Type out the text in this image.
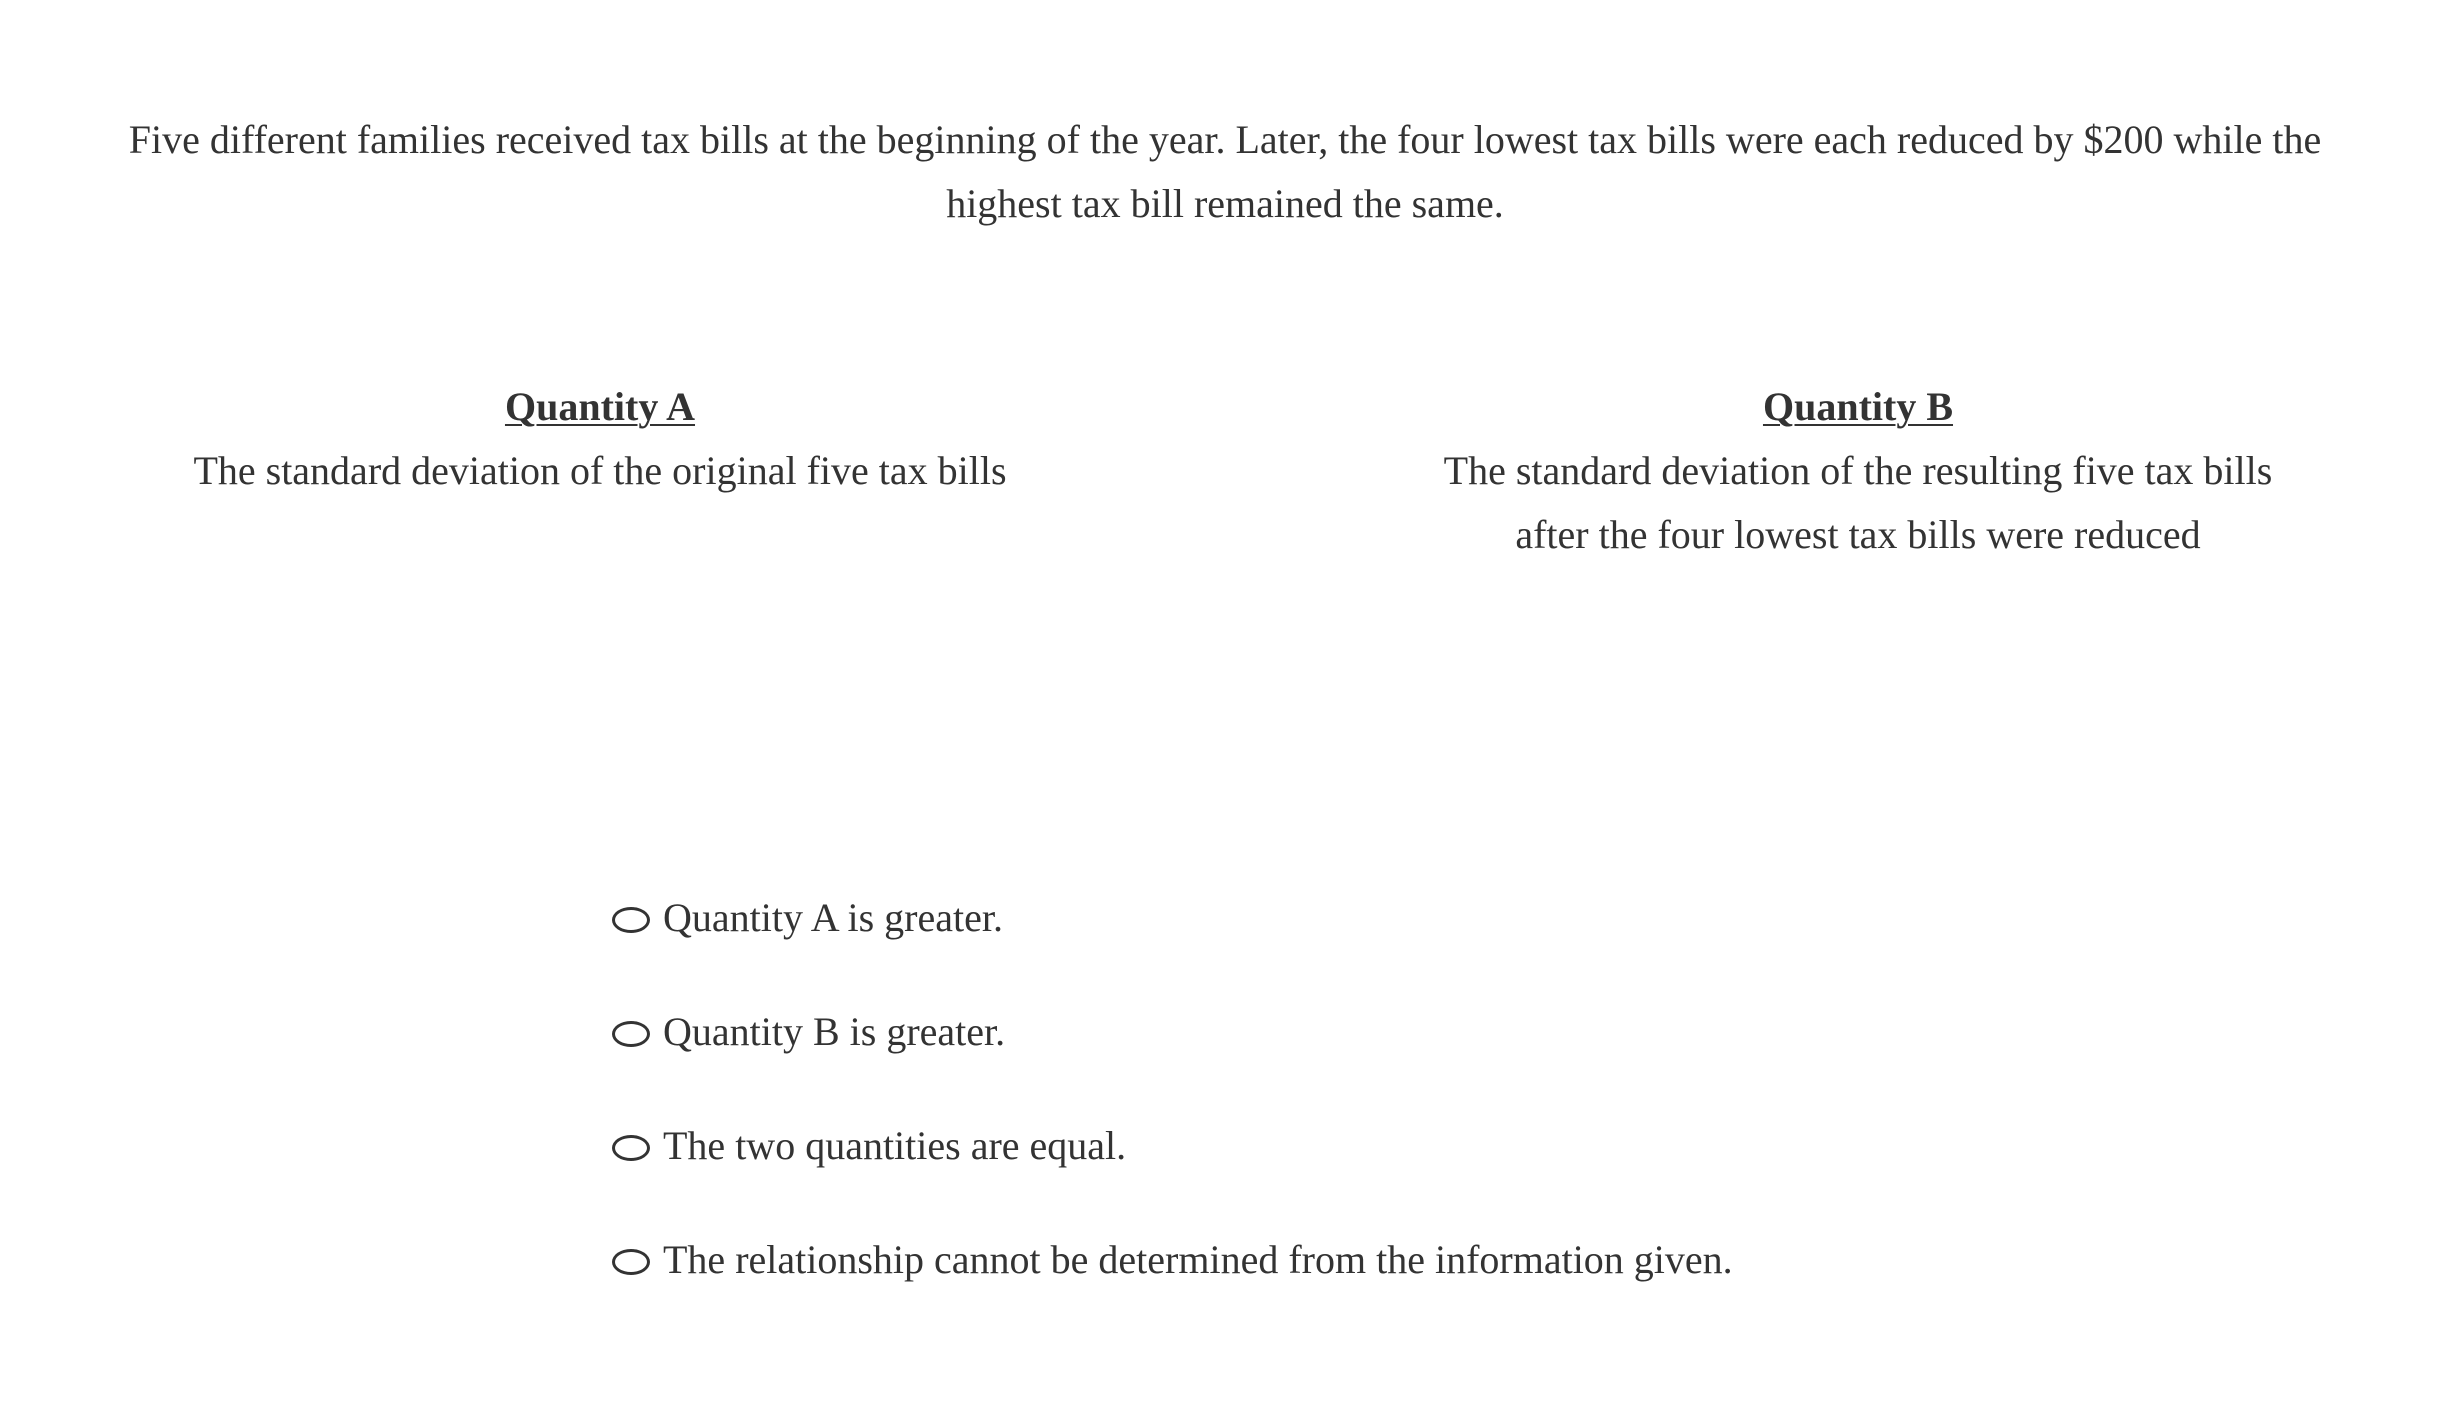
Five different families received tax bills at the beginning of the year. Later, the four lowest tax bills were each reduced by $200 while the highest tax bill remained the same.
Quantity A
The standard deviation of the original five tax bills
Quantity B
The standard deviation of the resulting five tax bills
after the four lowest tax bills were reduced
Quantity A is greater.
Quantity B is greater.
The two quantities are equal.
The relationship cannot be determined from the information given.
